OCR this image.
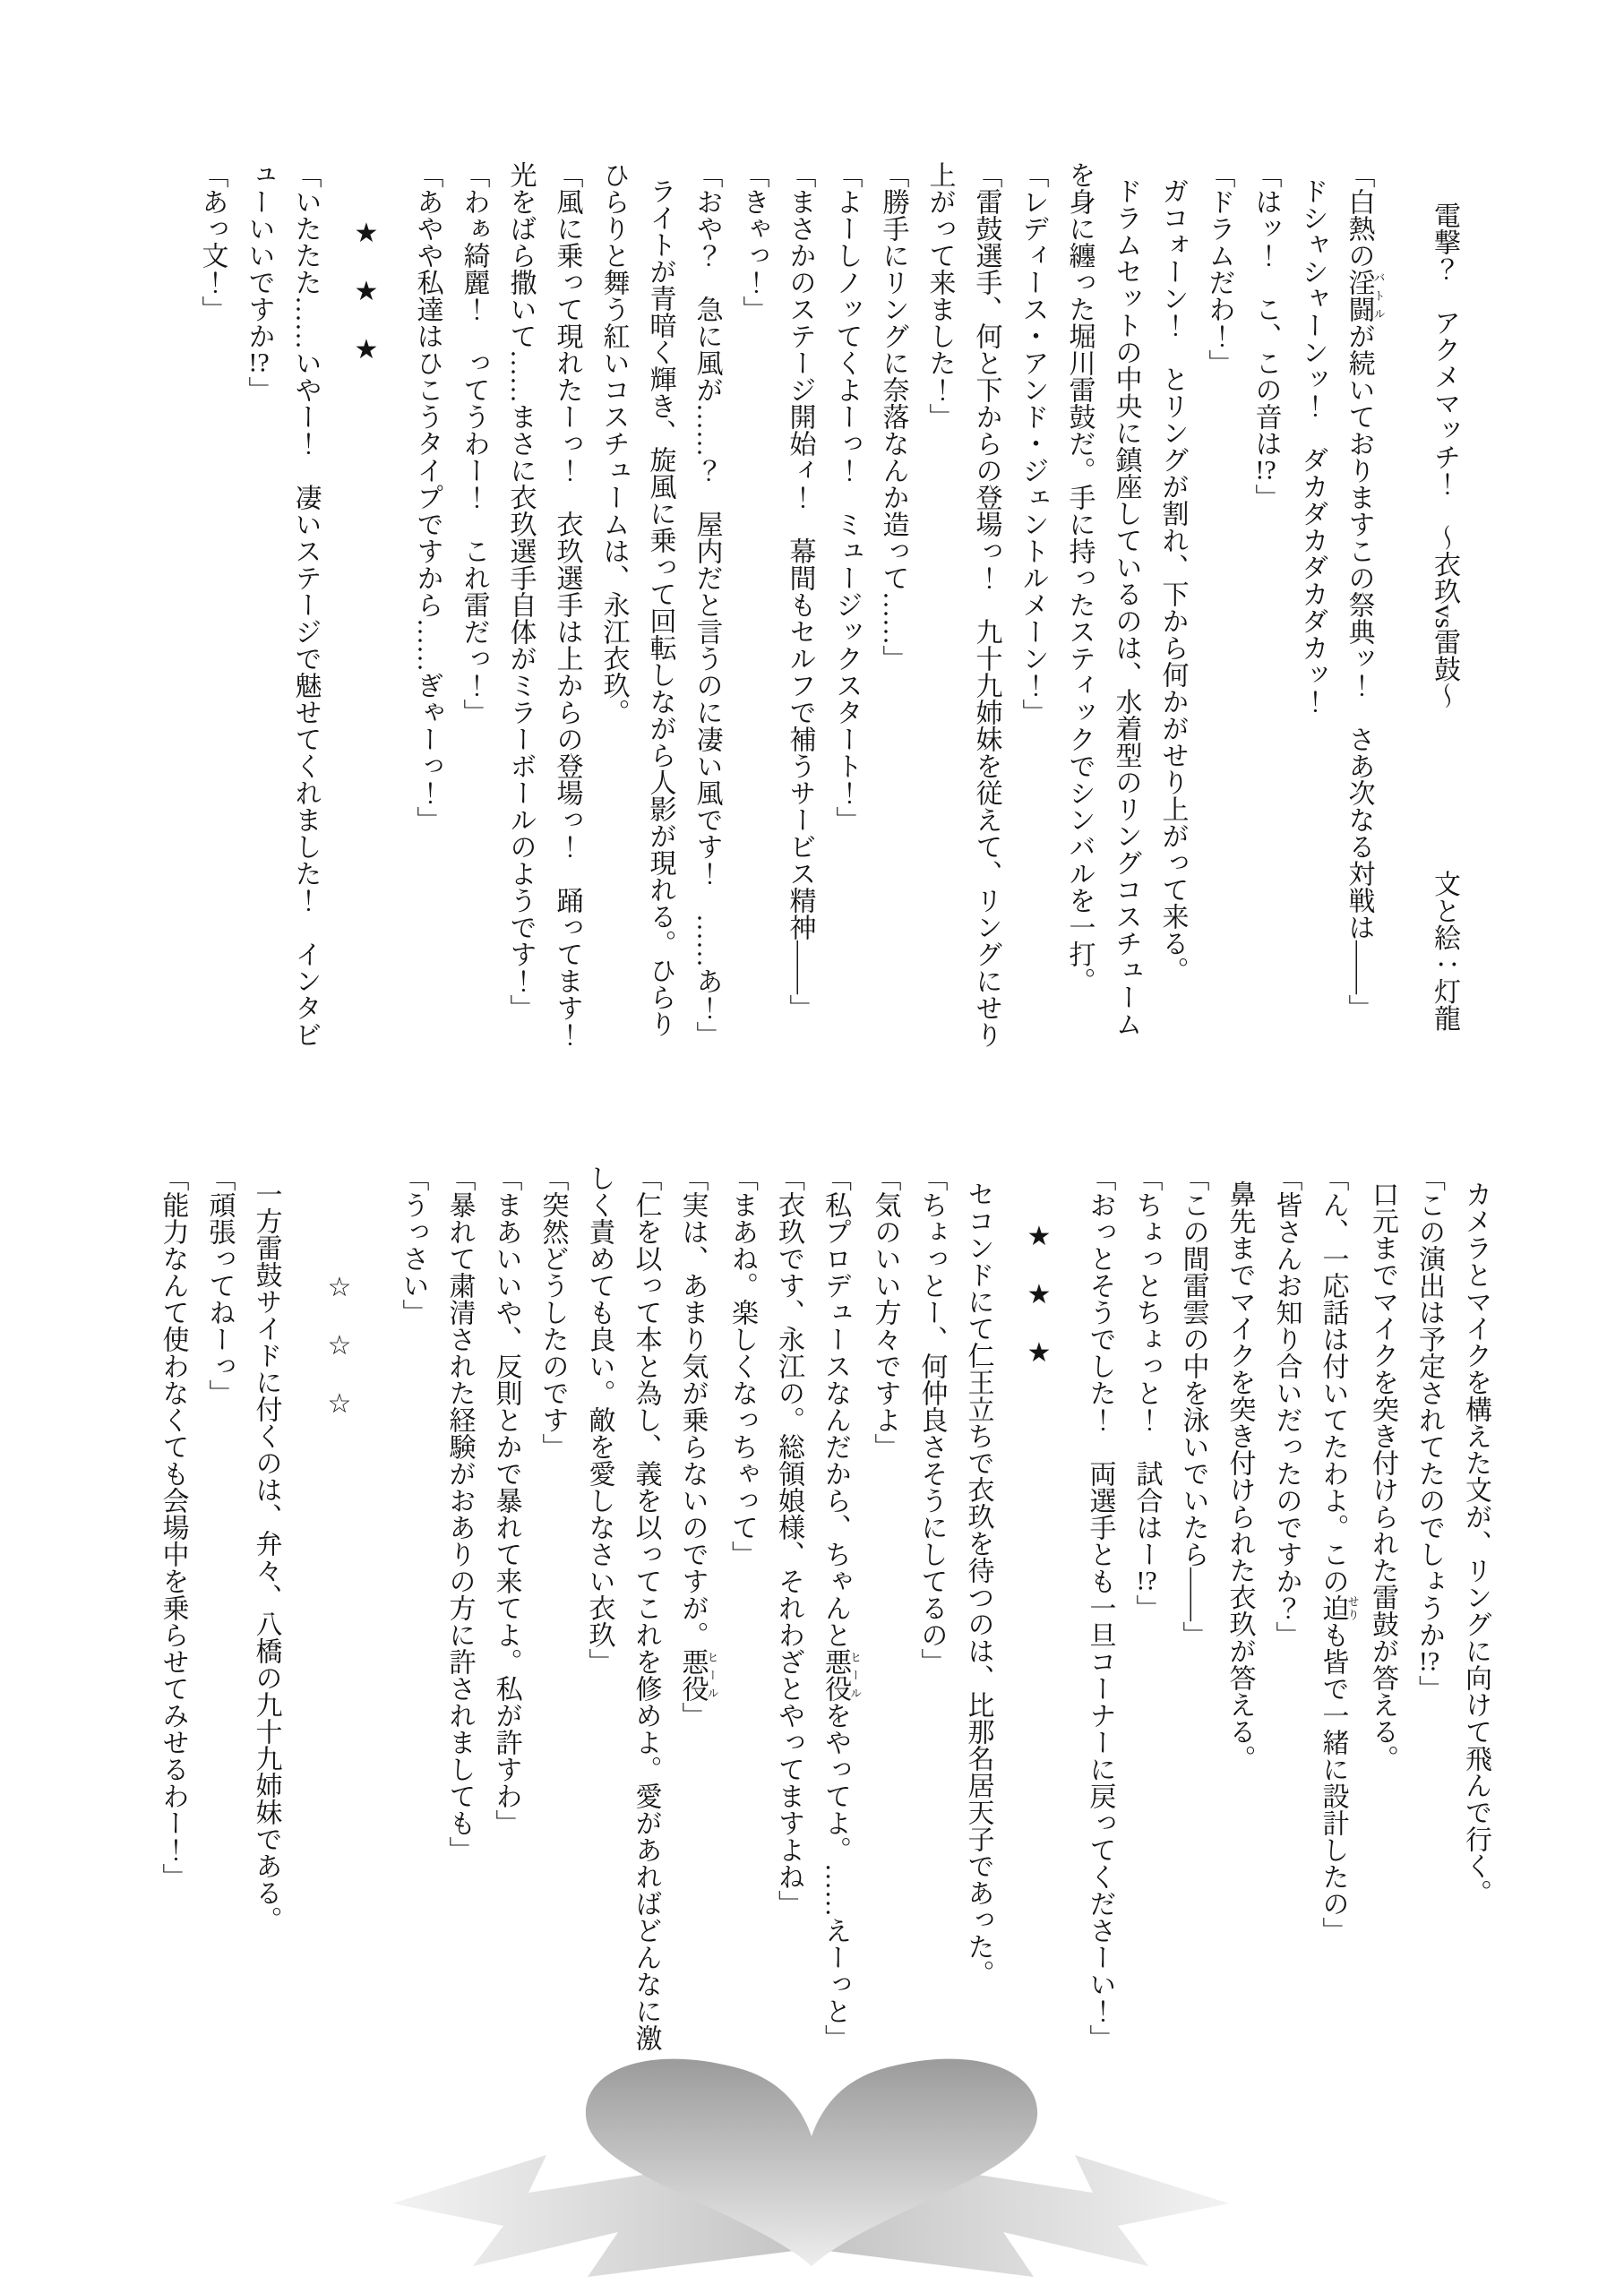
電撃？　アクメマッチ！　～衣玖vs雷鼓～　　　　　　文と絵：灯龍

「白熱の淫闘バトルが続いておりますこの祭典ッ！　さあ次なる対戦は——」

ドシャシャーンッ！　ダカダカダカダカッ！

「はッ！　こ、この音は!?」

「ドラムだわ！」

ガコォーン！　とリングが割れ、下から何かがせり上がって来る。

ドラムセットの中央に鎮座しているのは、水着型のリングコスチューム
を身に纏った堀川雷鼓だ。手に持ったスティックでシンバルを一打。

「レディース・アンド・ジェントルメーン！」

「雷鼓選手、何と下からの登場っ！　九十九姉妹を従えて、リングにせり
上がって来ました！」

「勝手にリングに奈落なんか造って……」

「よーしノッてくよーっ！　ミュージックスタート！」

「まさかのステージ開始ィ！　幕間もセルフで補うサービス精神——」

「きゃっ！」

「おや？　急に風が……？　屋内だと言うのに凄い風です！　……あ！」

ライトが青暗く輝き、旋風に乗って回転しながら人影が現れる。ひらり
ひらりと舞う紅いコスチュームは、永江衣玖。

「風に乗って現れたーっ！　衣玖選手は上からの登場っ！　踊ってます！
光をばら撒いて……まさに衣玖選手自体がミラーボールのようです！」

「わぁ綺麗！　ってうわー！　これ雷だっ！」

「あやや私達はひこうタイプですから……ぎゃーっ！」

★　★　★

「いたたた……いやー！　凄いステージで魅せてくれました！　インタビ
ューいいですか!?」

「あっ文！」

カメラとマイクを構えた文が、リングに向けて飛んで行く。

「この演出は予定されてたのでしょうか!?」

口元までマイクを突き付けられた雷鼓が答える。

「ん、一応話は付いてたわよ。この迫せりも皆で一緒に設計したの」

「皆さんお知り合いだったのですか？」

鼻先までマイクを突き付けられた衣玖が答える。

「この間雷雲の中を泳いでいたら——」

「ちょっとちょっと！　試合はー!?」

「おっとそうでした！　両選手とも一旦コーナーに戻ってくださーい！」

★　★　★

セコンドにて仁王立ちで衣玖を待つのは、比那名居天子であった。

「ちょっとー、何仲良さそうにしてるの」

「気のいい方々ですよ」

「私プロデュースなんだから、ちゃんと悪役ヒールをやってよ。……えーっと」

「衣玖です、永江の。総領娘様、それわざとやってますよね」

「まあね。楽しくなっちゃって」

「実は、あまり気が乗らないのですが。悪役ヒール」

「仁を以って本と為し、義を以ってこれを修めよ。愛があればどんなに激
しく責めても良い。敵を愛しなさい衣玖」

「突然どうしたのです」

「まあいいや、反則とかで暴れて来てよ。私が許すわ」

「暴れて粛清された経験がおありの方に許されましても」

「うっさい」

☆　☆　☆

一方雷鼓サイドに付くのは、弁々、八橋の九十九姉妹である。

「頑張ってねーっ」

「能力なんて使わなくても会場中を乗らせてみせるわー！」
